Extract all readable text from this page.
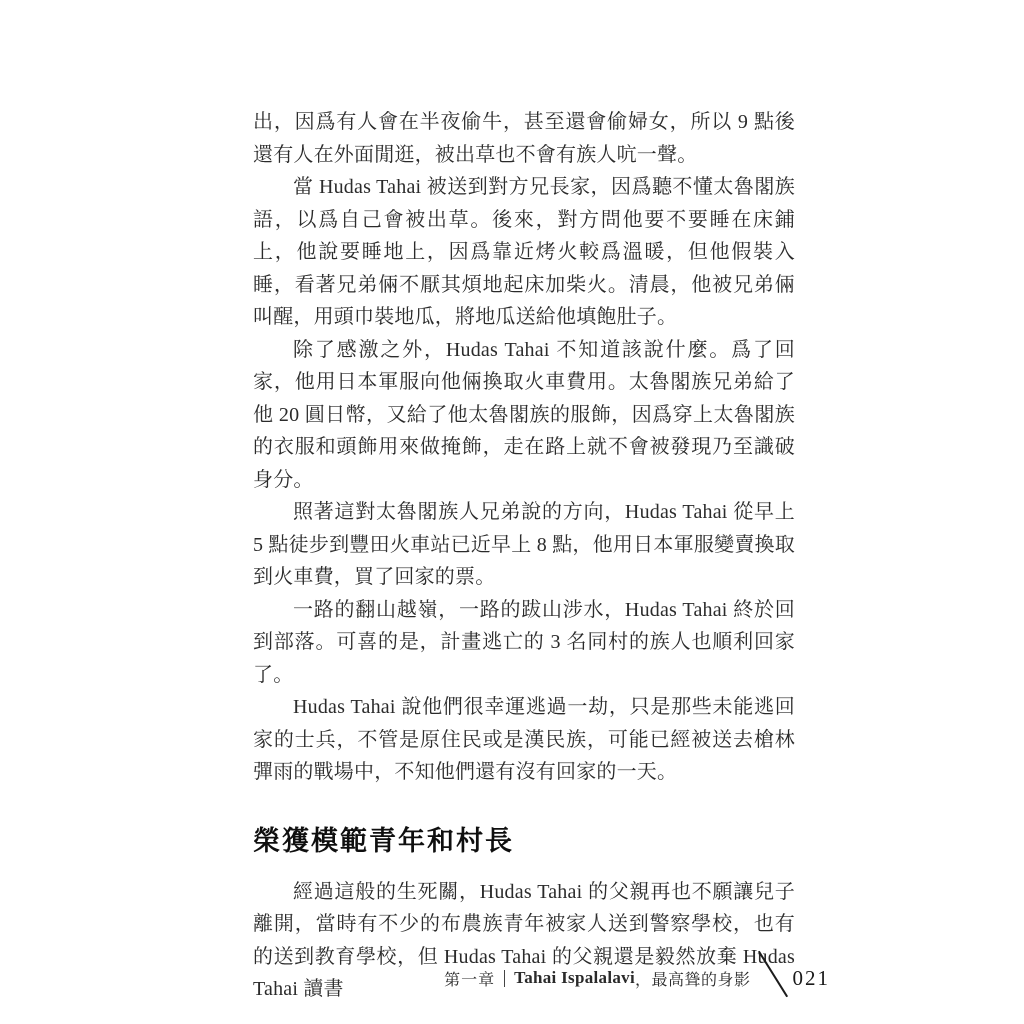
出，因爲有人會在半夜偷牛，甚至還會偷婦女，所以 9 點後還有人在外面閒逛，被出草也不會有族人吭一聲。

當 Hudas Tahai 被送到對方兄長家，因爲聽不懂太魯閣族語，以爲自己會被出草。後來，對方問他要不要睡在床鋪上，他說要睡地上，因爲靠近烤火較爲溫暖，但他假裝入睡，看著兄弟倆不厭其煩地起床加柴火。清晨，他被兄弟倆叫醒，用頭巾裝地瓜，將地瓜送給他填飽肚子。

除了感激之外，Hudas Tahai 不知道該說什麼。爲了回家，他用日本軍服向他倆換取火車費用。太魯閣族兄弟給了他 20 圓日幣，又給了他太魯閣族的服飾，因爲穿上太魯閣族的衣服和頭飾用來做掩飾，走在路上就不會被發現乃至識破身分。

照著這對太魯閣族人兄弟說的方向，Hudas Tahai 從早上 5 點徒步到豐田火車站已近早上 8 點，他用日本軍服變賣換取到火車費，買了回家的票。

一路的翻山越嶺，一路的跋山涉水，Hudas Tahai 終於回到部落。可喜的是，計畫逃亡的 3 名同村的族人也順利回家了。

Hudas Tahai 說他們很幸運逃過一劫，只是那些未能逃回家的士兵，不管是原住民或是漢民族，可能已經被送去槍林彈雨的戰場中，不知他們還有沒有回家的一天。

榮獲模範青年和村長

經過這般的生死關，Hudas Tahai 的父親再也不願讓兒子離開，當時有不少的布農族青年被家人送到警察學校，也有的送到教育學校，但 Hudas Tahai 的父親還是毅然放棄 Hudas Tahai 讀書	第一章 Tahai Ispalalavi ，最高聳的身影 021
